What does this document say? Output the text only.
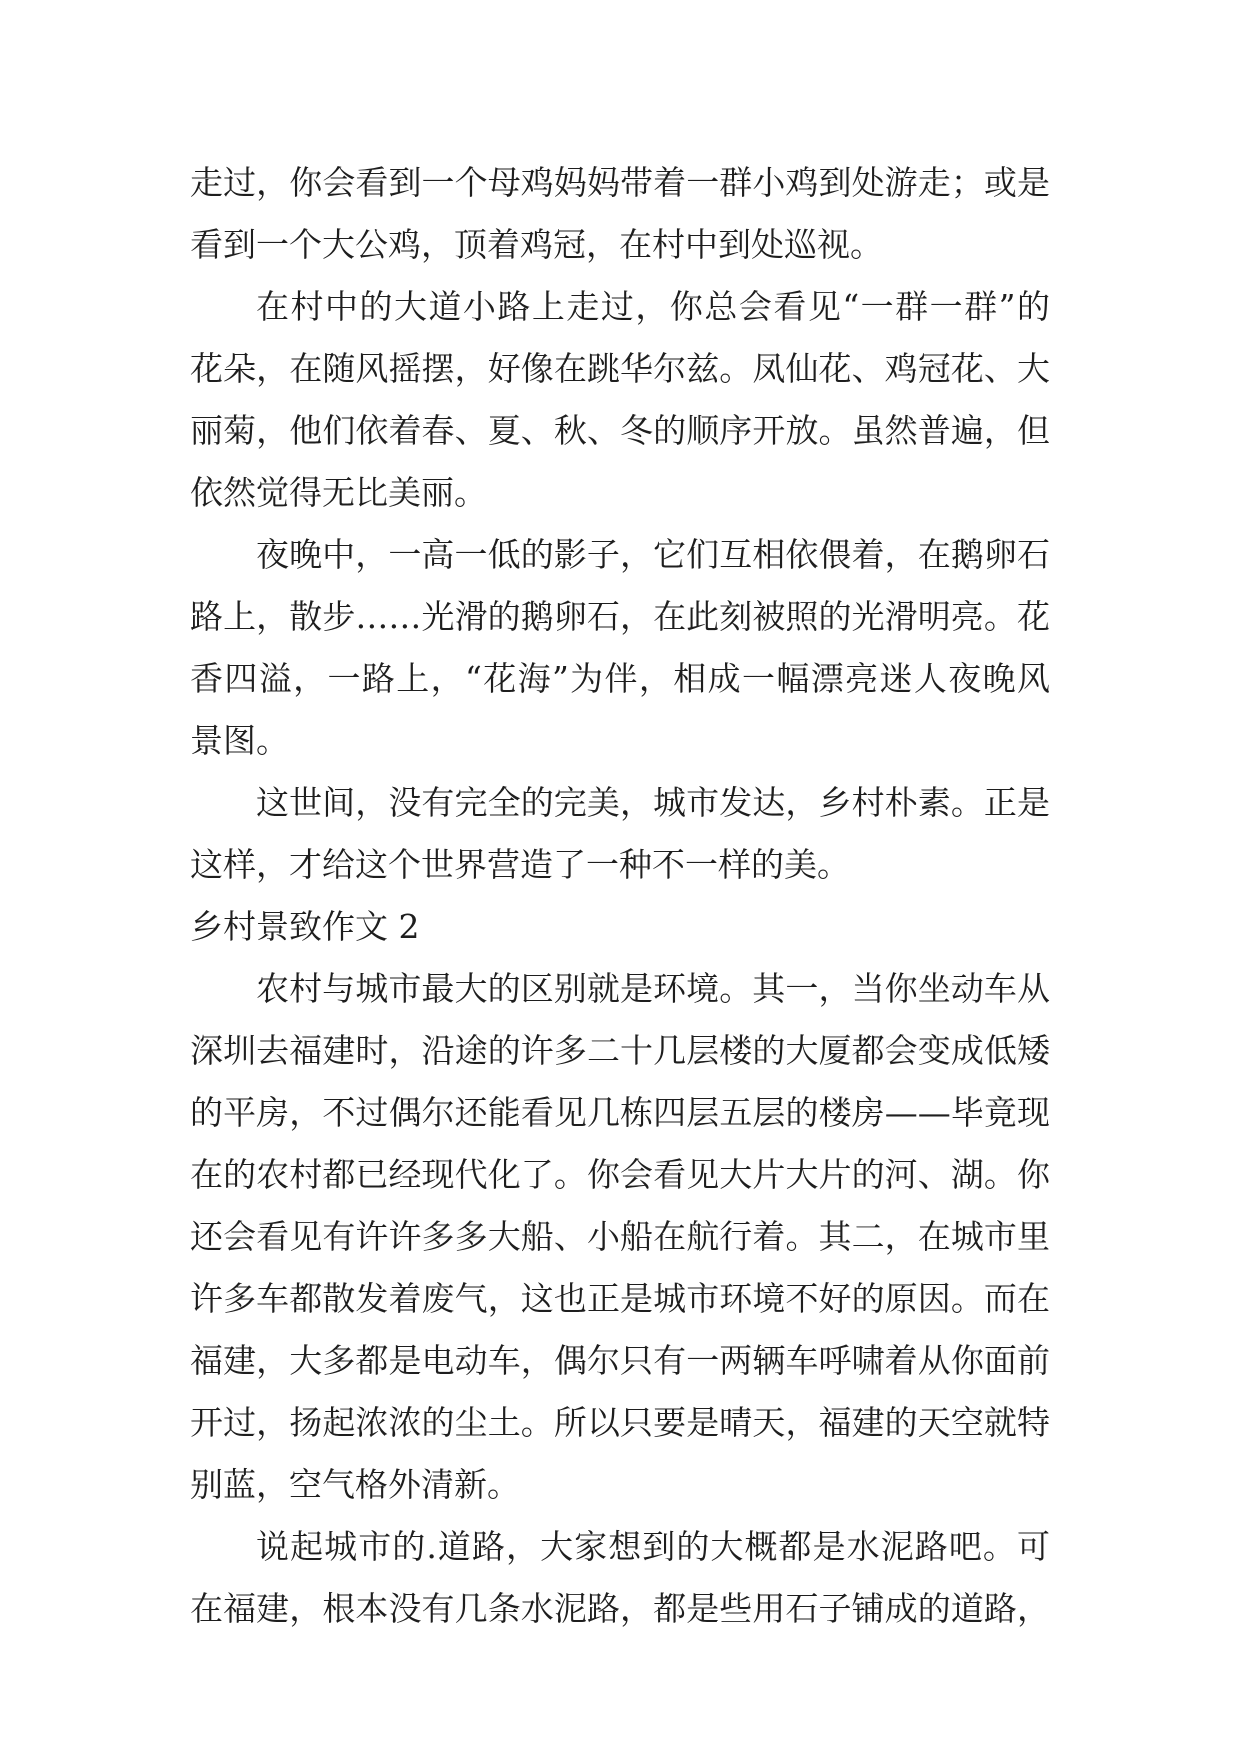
走过，你会看到一个母鸡妈妈带着一群小鸡到处游走；或是
看到一个大公鸡，顶着鸡冠，在村中到处巡视。
在村中的大道小路上走过，你总会看见“一群一群”的
花朵，在随风摇摆，好像在跳华尔兹。凤仙花、鸡冠花、大
丽菊，他们依着春、夏、秋、冬的顺序开放。虽然普遍，但
依然觉得无比美丽。
夜晚中，一高一低的影子，它们互相依偎着，在鹅卵石
路上，散步……光滑的鹅卵石，在此刻被照的光滑明亮。花
香四溢，一路上，“花海”为伴，相成一幅漂亮迷人夜晚风
景图。
这世间，没有完全的完美，城市发达，乡村朴素。正是
这样，才给这个世界营造了一种不一样的美。
乡村景致作文 2
农村与城市最大的区别就是环境。其一，当你坐动车从
深圳去福建时，沿途的许多二十几层楼的大厦都会变成低矮
的平房，不过偶尔还能看见几栋四层五层的楼房——毕竟现
在的农村都已经现代化了。你会看见大片大片的河、湖。你
还会看见有许许多多大船、小船在航行着。其二，在城市里
许多车都散发着废气，这也正是城市环境不好的原因。而在
福建，大多都是电动车，偶尔只有一两辆车呼啸着从你面前
开过，扬起浓浓的尘土。所以只要是晴天，福建的天空就特
别蓝，空气格外清新。
说起城市的.道路，大家想到的大概都是水泥路吧。可
在福建，根本没有几条水泥路，都是些用石子铺成的道路，
